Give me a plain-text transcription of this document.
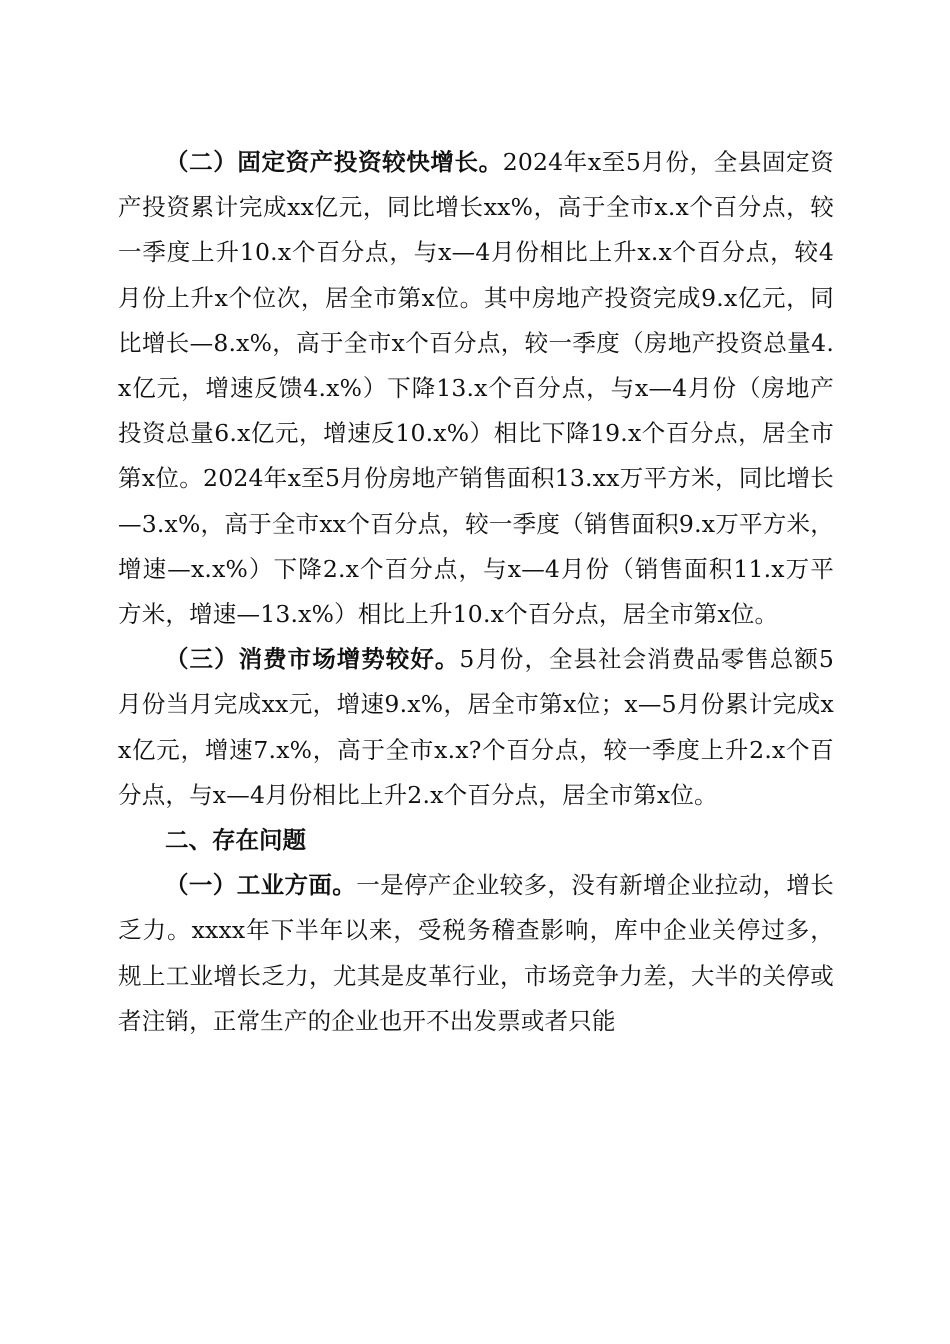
（二）固定资产投资较快增长。2024年x至5月份，全县固定资产投资累计完成xx亿元，同比增长xx%，高于全市x.x个百分点，较一季度上升10.x个百分点，与x—4月份相比上升x.x个百分点，较4月份上升x个位次，居全市第x位。其中房地产投资完成9.x亿元，同比增长—8.x%，高于全市x个百分点，较一季度（房地产投资总量4.x亿元，增速反馈4.x%）下降13.x个百分点，与x—4月份（房地产投资总量6.x亿元，增速反10.x%）相比下降19.x个百分点，居全市第x位。2024年x至5月份房地产销售面积13.xx万平方米，同比增长—3.x%，高于全市xx个百分点，较一季度（销售面积9.x万平方米，增速—x.x%）下降2.x个百分点，与x—4月份（销售面积11.x万平方米，增速—13.x%）相比上升10.x个百分点，居全市第x位。

（三）消费市场增势较好。5月份，全县社会消费品零售总额5月份当月完成xx元，增速9.x%，居全市第x位；x—5月份累计完成xx亿元，增速7.x%，高于全市x.x?个百分点，较一季度上升2.x个百分点，与x—4月份相比上升2.x个百分点，居全市第x位。

二、存在问题

（一）工业方面。一是停产企业较多，没有新增企业拉动，增长乏力。xxxx年下半年以来，受税务稽查影响，库中企业关停过多，规上工业增长乏力，尤其是皮革行业，市场竞争力差，大半的关停或者注销，正常生产的企业也开不出发票或者只能
